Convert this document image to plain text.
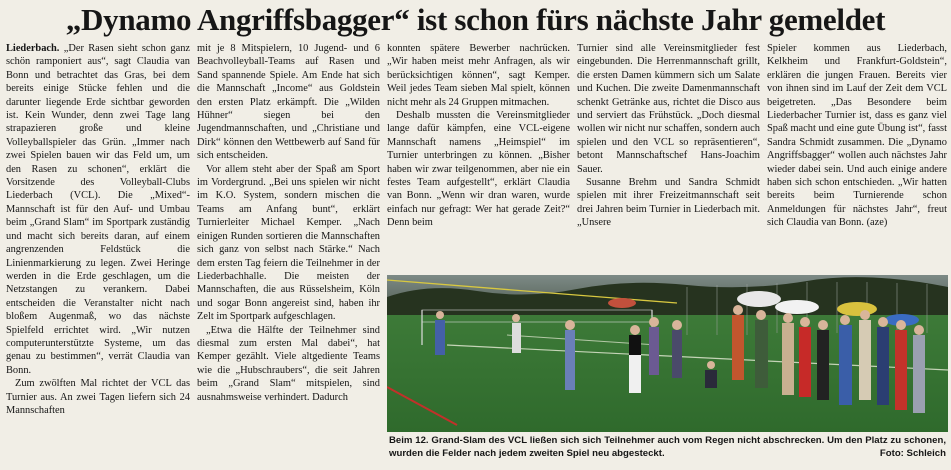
„Dynamo Angriffsbagger“ ist schon fürs nächste Jahr gemeldet

Liederbach. „Der Rasen sieht schon ganz schön ramponiert aus“, sagt Claudia van Bonn und betrachtet das Gras, bei dem bereits einige Stücke fehlen und die darunter liegende Erde sichtbar geworden ist. Kein Wunder, denn zwei Tage lang strapazieren große und kleine Volleyballspieler das Grün. „Immer nach zwei Spielen bauen wir das Feld um, um den Rasen zu schonen“, erklärt die Vorsitzende des Volleyball-Clubs Liederbach (VCL). Die „Mixed“-Mannschaft ist für den Auf- und Umbau beim „Grand Slam“ im Sportpark zuständig und macht sich bereits daran, auf einem angrenzenden Feldstück die Linienmarkierung zu legen. Zwei Heringe werden in die Erde geschlagen, um die Netzstangen zu verankern. Dabei entscheiden die Veranstalter nicht nach bloßem Augenmaß, wo das nächste Spielfeld errichtet wird. „Wir nutzen computerunterstützte Systeme, um das genau zu bestimmen“, verrät Claudia van Bonn.

Zum zwölften Mal richtet der VCL das Turnier aus. An zwei Tagen liefern sich 24 Mannschaften

mit je 8 Mitspielern, 10 Jugend- und 6 Beachvolleyball-Teams auf Rasen und Sand spannende Spiele. Am Ende hat sich die Mannschaft „Income“ aus Goldstein den ersten Platz erkämpft. Die „Wilden Hühner“ siegen bei den Jugendmannschaften, und „Christiane und Dirk“ können den Wettbewerb auf Sand für sich entscheiden.

Vor allem steht aber der Spaß am Sport im Vordergrund. „Bei uns spielen wir nicht im K.O. System, sondern mischen die Teams am Anfang bunt“, erklärt Turnierleiter Michael Kemper. „Nach einigen Runden sortieren die Mannschaften sich ganz von selbst nach Stärke.“ Nach dem ersten Tag feiern die Teilnehmer in der Liederbachhalle. Die meisten der Mannschaften, die aus Rüsselsheim, Köln und sogar Bonn angereist sind, haben ihr Zelt im Sportpark aufgeschlagen.

„Etwa die Hälfte der Teilnehmer sind diesmal zum ersten Mal dabei“, hat Kemper gezählt. Viele altgediente Teams wie die „Hubschraubers“, die seit Jahren beim „Grand Slam“ mitspielen, sind ausnahmsweise verhindert. Dadurch

konnten spätere Bewerber nachrücken. „Wir haben meist mehr Anfragen, als wir berücksichtigen können“, sagt Kemper. Weil jedes Team sieben Mal spielt, können nicht mehr als 24 Gruppen mitmachen.

Deshalb mussten die Vereinsmitglieder lange dafür kämpfen, eine VCL-eigene Mannschaft namens „Heimspiel“ im Turnier unterbringen zu können. „Bisher haben wir zwar teilgenommen, aber nie ein festes Team aufgestellt“, erklärt Claudia van Bonn. „Wenn wir dran waren, wurde einfach nur gefragt: Wer hat gerade Zeit?“ Denn beim

Turnier sind alle Vereinsmitglieder fest eingebunden. Die Herrenmannschaft grillt, die ersten Damen kümmern sich um Salate und Kuchen. Die zweite Damenmannschaft schenkt Getränke aus, richtet die Disco aus und serviert das Frühstück. „Doch diesmal wollen wir nicht nur schaffen, sondern auch spielen und den VCL so repräsentieren“, betont Mannschaftschef Hans-Joachim Sauer.

Susanne Brehm und Sandra Schmidt spielen mit ihrer Freizeitmannschaft seit drei Jahren beim Turnier in Liederbach mit. „Unsere

Spieler kommen aus Liederbach, Kelkheim und Frankfurt-Goldstein“, erklären die jungen Frauen. Bereits vier von ihnen sind im Lauf der Zeit dem VCL beigetreten. „Das Besondere beim Liederbacher Turnier ist, dass es ganz viel Spaß macht und eine gute Übung ist“, fasst Sandra Schmidt zusammen. Die „Dynamo Angriffsbagger“ wollen auch nächstes Jahr wieder dabei sein. Und auch einige andere haben sich schon entschieden. „Wir hatten bereits beim Turnierende schon Anmeldungen für nächstes Jahr“, freut sich Claudia van Bonn. (aze)

Beim 12. Grand-Slam des VCL ließen sich sich Teilnehmer auch vom Regen nicht abschrecken. Um den Platz zu schonen, wurden die Felder nach jedem zweiten Spiel neu abgesteckt.	Foto: Schleich
